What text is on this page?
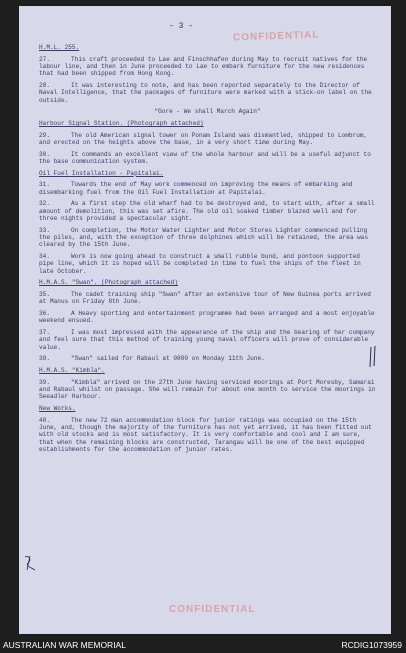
- 3 -
CONFIDENTIAL
H.M.L. 255.

27.	This craft proceeded to Lae and Finschhafen during May to recruit natives for the labour line, and then in June proceeded to Lae to embark furniture for the new residences that had been shipped from Hong Kong.

28.	It was interesting to note, and has been reported separately to the Director of Naval Intelligence, that the packages of furniture were marked with a stick-on label on the outside.

"Gore - We shall March Again"
Harbour Signal Station. (Photograph attached)

29.	The old American signal tower on Ponam Island was dismantled, shipped to Lombrum, and erected on the heights above the base, in a very short time during May.

30.	It commands an excellent view of the whole harbour and will be a useful adjunct to the base communication system.

Oil Fuel Installation - Papitalai.

31.	Towards the end of May work commenced on improving the means of embarking and disembarking fuel from the Oil Fuel Installation at Papitalai.

32.	As a first step the old wharf had to be destroyed and, to start with, after a small amount of demolition, this was set afire. The old oil soaked timber blazed well and for three nights provided a spectacular sight.

33.	On completion, the Motor Water Lighter and Motor Stores Lighter commenced pulling the piles, and, with the exception of three dolphines which will be retained, the area was cleared by the 15th June.

34.	Work is now going ahead to construct a small rubble bund, and pontoon supported pipe line, which it is hoped will be completed in time to fuel the ships of the fleet in late October.

H.M.A.S. "Swan". (Photograph attached)

35.	The cadet training ship "Swan" after an extensive tour of New Guinea ports arrived at Manus on Friday 8th June.

36.	A Heavy sporting and entertainment programme had been arranged and a most enjoyable weekend ensued.

37.	I was most impressed with the appearance of the ship and the bearing of her company and feel sure that this method of training young naval officers will prove of considerable value.

38.	"Swan" sailed for Rabaul at 0800 on Monday 11th June.

H.M.A.S. "Kimbla".

39.	"Kimbla" arrived on the 27th June having serviced moorings at Port Moresby, Samarai and Rabaul whilst on passage. She will remain for about one month to service the moorings in Seeadler Harbour.

New Works.

40.	The new 72 man accommodation block for junior ratings was occupied on the 15th June, and, though the majority of the furniture has not yet arrived, it has been fitted out with old stocks and is most satisfactory. It is very comfortable and cool and I am sure, that when the remaining blocks are constructed, Tarangau will be one of the best equipped establishments for the accommodation of junior rates.

CONFIDENTIAL
AUSTRALIAN WAR MEMORIAL	RCDIG1073959
